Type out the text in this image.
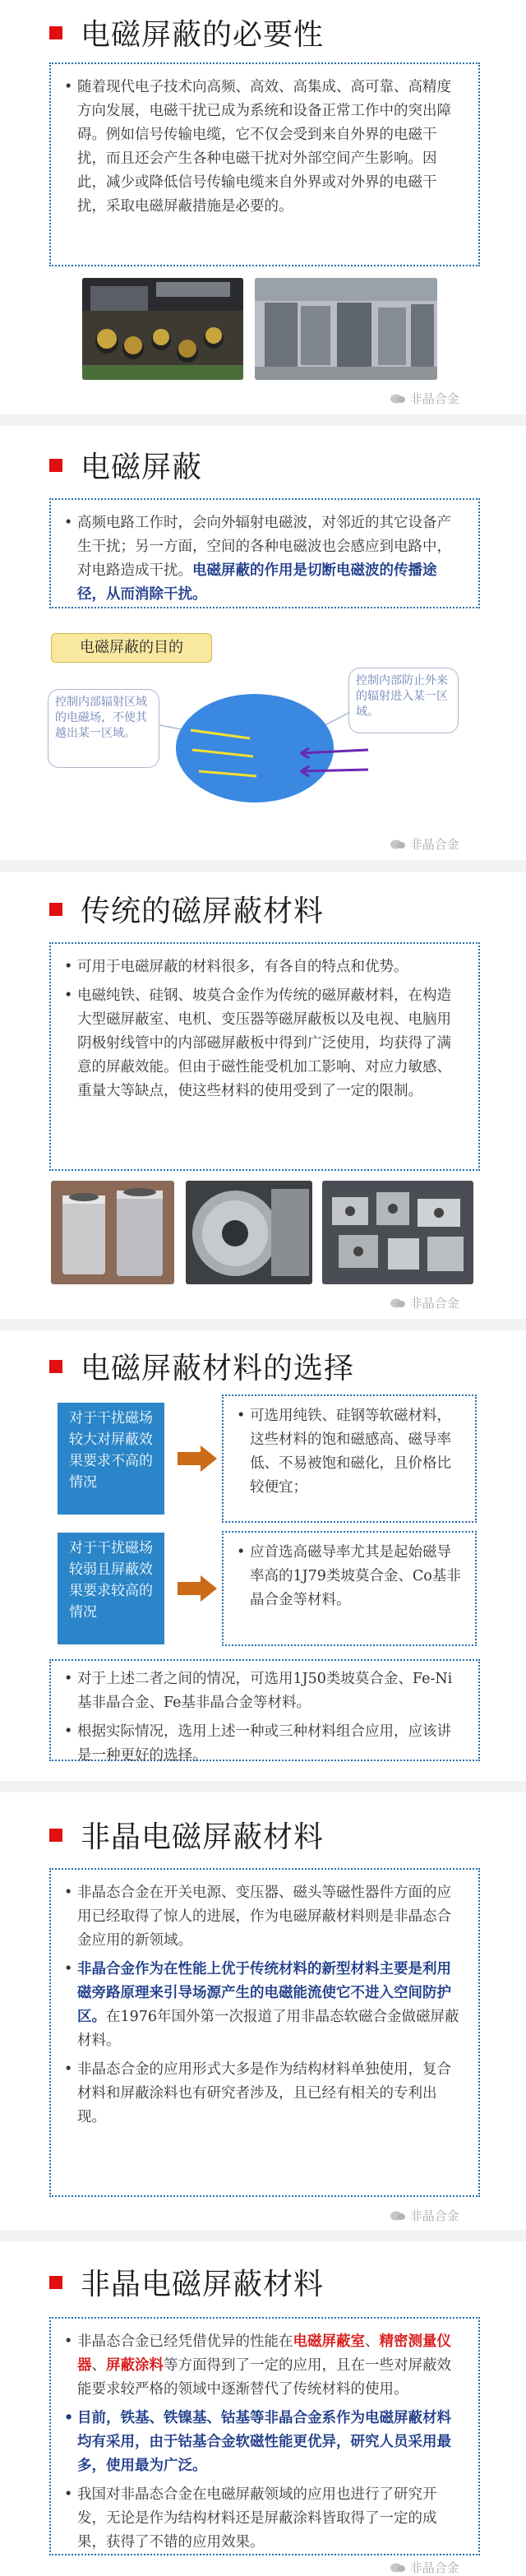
电磁屏蔽的必要性

• 随着现代电子技术向高频、高效、高集成、高可靠、高精度方向发展，电磁干扰已成为系统和设备正常工作中的突出障碍。例如信号传输电缆，它不仅会受到来自外界的电磁干扰，而且还会产生各种电磁干扰对外部空间产生影响。因此，减少或降低信号传输电缆来自外界或对外界的电磁干扰，采取电磁屏蔽措施是必要的。

非晶合金
电磁屏蔽

• 高频电路工作时，会向外辐射电磁波，对邻近的其它设备产生干扰；另一方面，空间的各种电磁波也会感应到电路中，对电路造成干扰。电磁屏蔽的作用是切断电磁波的传播途径，从而消除干扰。

电磁屏蔽的目的
控制内部辐射区域的电磁场，不使其越出某一区域。
控制内部防止外来的辐射进入某一区域。
非晶合金
传统的磁屏蔽材料

• 可用于电磁屏蔽的材料很多，有各自的特点和优势。

• 电磁纯铁、硅钢、坡莫合金作为传统的磁屏蔽材料，在构造大型磁屏蔽室、电机、变压器等磁屏蔽板以及电视、电脑用阴极射线管中的内部磁屏蔽板中得到广泛使用，均获得了满意的屏蔽效能。但由于磁性能受机加工影响、对应力敏感、重量大等缺点，使这些材料的使用受到了一定的限制。

非晶合金
电磁屏蔽材料的选择
对于干扰磁场较大对屏蔽效果要求不高的情况

• 可选用纯铁、硅钢等软磁材料，这些材料的饱和磁感高、磁导率低、不易被饱和磁化，且价格比较便宜；

对于干扰磁场较弱且屏蔽效果要求较高的情况

• 应首选高磁导率尤其是起始磁导率高的1J79类坡莫合金、Co基非晶合金等材料。

• 对于上述二者之间的情况，可选用1J50类坡莫合金、Fe-Ni基非晶合金、Fe基非晶合金等材料。

• 根据实际情况，选用上述一种或三种材料组合应用，应该讲是一种更好的选择。

非晶电磁屏蔽材料

• 非晶态合金在开关电源、变压器、磁头等磁性器件方面的应用已经取得了惊人的进展，作为电磁屏蔽材料则是非晶态合金应用的新领域。

• 非晶合金作为在性能上优于传统材料的新型材料主要是利用磁旁路原理来引导场源产生的电磁能流使它不进入空间防护区。在1976年国外第一次报道了用非晶态软磁合金做磁屏蔽材料。

• 非晶态合金的应用形式大多是作为结构材料单独使用，复合材料和屏蔽涂料也有研究者涉及，且已经有相关的专利出现。

非晶合金
非晶电磁屏蔽材料

• 非晶态合金已经凭借优异的性能在电磁屏蔽室、精密测量仪器、屏蔽涂料等方面得到了一定的应用，且在一些对屏蔽效能要求较严格的领域中逐渐替代了传统材料的使用。

• 目前，铁基、铁镍基、钴基等非晶合金系作为电磁屏蔽材料均有采用，由于钴基合金软磁性能更优异，研究人员采用最多，使用最为广泛。

• 我国对非晶态合金在电磁屏蔽领域的应用也进行了研究开发，无论是作为结构材料还是屏蔽涂料皆取得了一定的成果，获得了不错的应用效果。

非晶合金
